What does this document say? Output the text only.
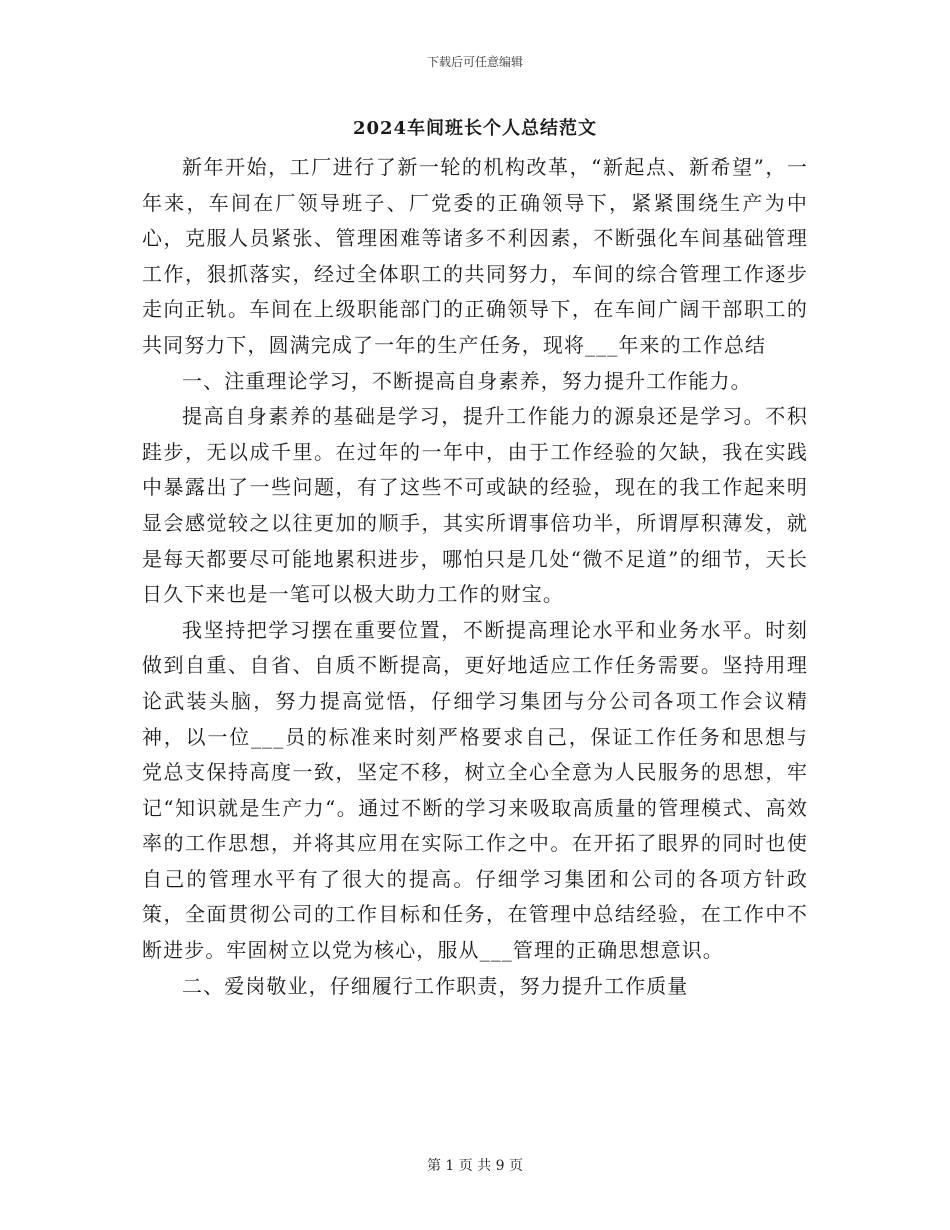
下载后可任意编辑
2024车间班长个人总结范文

新年开始，工厂进行了新一轮的机构改革，“新起点、新希望”，一年来，车间在厂领导班子、厂党委的正确领导下，紧紧围绕生产为中心，克服人员紧张、管理困难等诸多不利因素，不断强化车间基础管理工作，狠抓落实，经过全体职工的共同努力，车间的综合管理工作逐步走向正轨。车间在上级职能部门的正确领导下，在车间广阔干部职工的共同努力下，圆满完成了一年的生产任务，现将___年来的工作总结

一、注重理论学习，不断提高自身素养，努力提升工作能力。

提高自身素养的基础是学习，提升工作能力的源泉还是学习。不积跬步，无以成千里。在过年的一年中，由于工作经验的欠缺，我在实践中暴露出了一些问题，有了这些不可或缺的经验，现在的我工作起来明显会感觉较之以往更加的顺手，其实所谓事倍功半，所谓厚积薄发，就是每天都要尽可能地累积进步，哪怕只是几处“微不足道”的细节，天长日久下来也是一笔可以极大助力工作的财宝。

我坚持把学习摆在重要位置，不断提高理论水平和业务水平。时刻做到自重、自省、自质不断提高，更好地适应工作任务需要。坚持用理论武装头脑，努力提高觉悟，仔细学习集团与分公司各项工作会议精神，以一位___员的标准来时刻严格要求自己，保证工作任务和思想与党总支保持高度一致，坚定不移，树立全心全意为人民服务的思想，牢记“知识就是生产力“。通过不断的学习来吸取高质量的管理模式、高效率的工作思想，并将其应用在实际工作之中。在开拓了眼界的同时也使自己的管理水平有了很大的提高。仔细学习集团和公司的各项方针政策，全面贯彻公司的工作目标和任务，在管理中总结经验，在工作中不断进步。牢固树立以党为核心，服从___管理的正确思想意识。

二、爱岗敬业，仔细履行工作职责，努力提升工作质量

第 1 页 共 9 页
